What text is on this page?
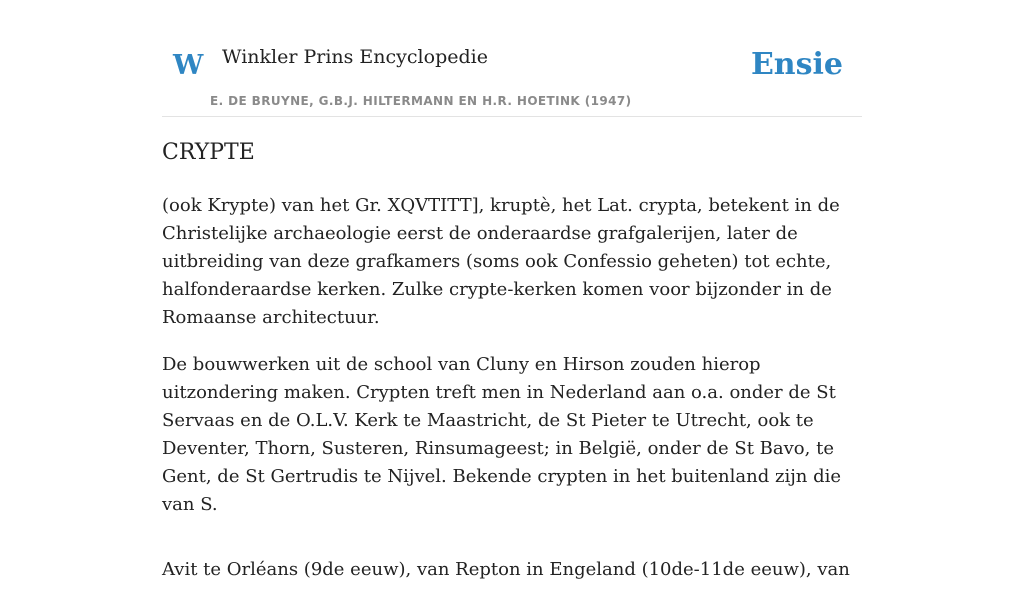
W Winkler Prins Encyclopedie
E. DE BRUYNE, G.B.J. HILTERMANN EN H.R. HOETINK (1947)
Ensie
CRYPTE

(ook Krypte) van het Gr. XQVTITT], kruptè, het Lat. crypta, betekent in de Christelijke archaeologie eerst de onderaardse grafgalerijen, later de uitbreiding van deze grafkamers (soms ook Confessio geheten) tot echte, halfonderaardse kerken. Zulke crypte-kerken komen voor bijzonder in de Romaanse architectuur.

De bouwwerken uit de school van Cluny en Hirson zouden hierop uitzondering maken. Crypten treft men in Nederland aan o.a. onder de St Servaas en de O.L.V. Kerk te Maastricht, de St Pieter te Utrecht, ook te Deventer, Thorn, Susteren, Rinsumageest; in België, onder de St Bavo, te Gent, de St Gertrudis te Nijvel. Bekende crypten in het buitenland zijn die van S.

Avit te Orléans (9de eeuw), van Repton in Engeland (10de-11de eeuw), van
